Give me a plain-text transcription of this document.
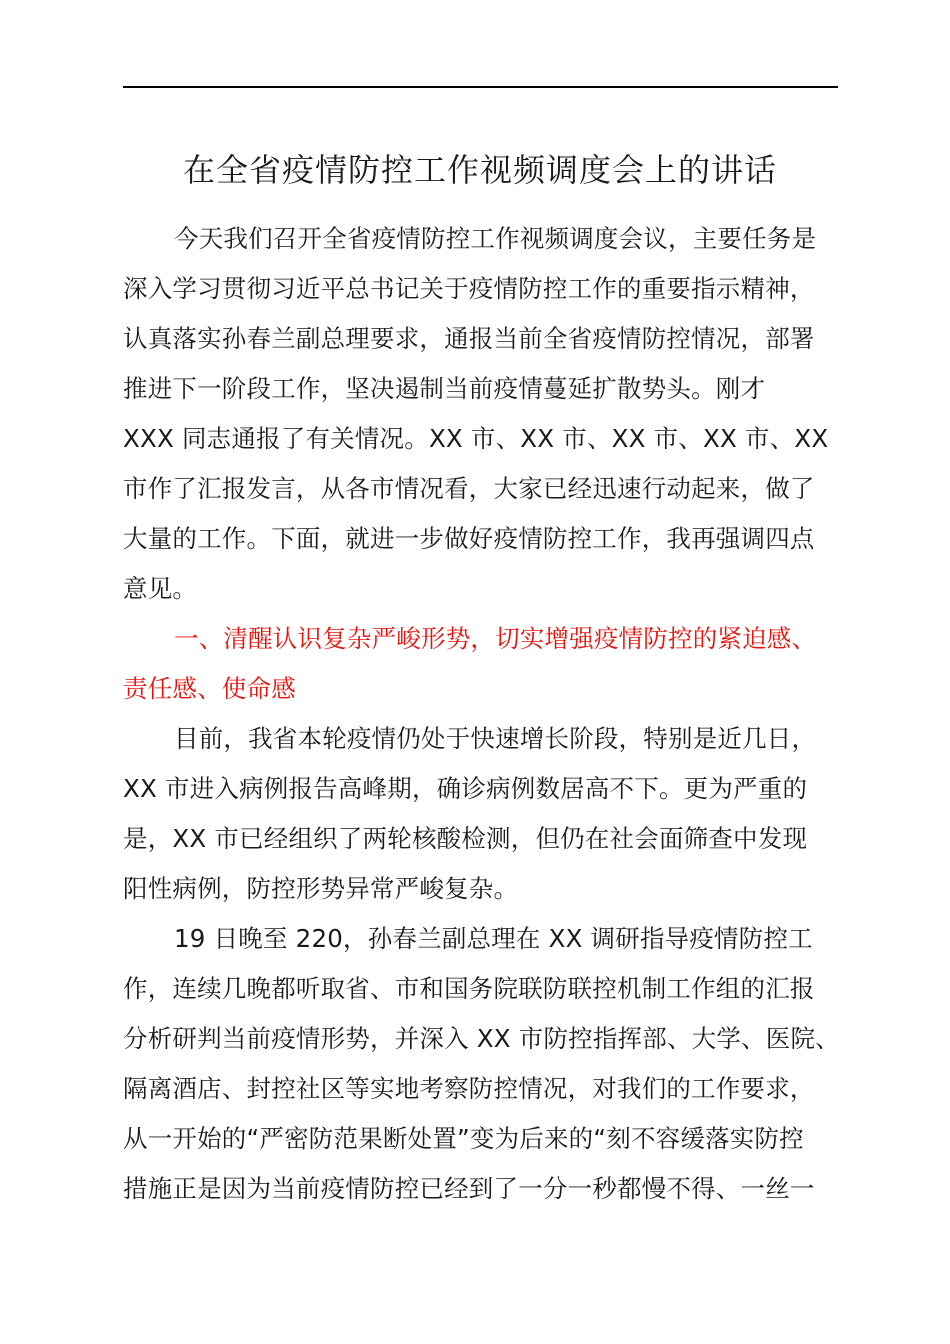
在全省疫情防控工作视频调度会上的讲话
今天我们召开全省疫情防控工作视频调度会议，主要任务是
深入学习贯彻习近平总书记关于疫情防控工作的重要指示精神，
认真落实孙春兰副总理要求，通报当前全省疫情防控情况，部署
推进下一阶段工作，坚决遏制当前疫情蔓延扩散势头。刚才
XXX 同志通报了有关情况。XX 市、XX 市、XX 市、XX 市、XX
市作了汇报发言，从各市情况看，大家已经迅速行动起来，做了
大量的工作。下面，就进一步做好疫情防控工作，我再强调四点
意见。
一、清醒认识复杂严峻形势，切实增强疫情防控的紧迫感、
责任感、使命感
目前，我省本轮疫情仍处于快速增长阶段，特别是近几日，
XX 市进入病例报告高峰期，确诊病例数居高不下。更为严重的
是，XX 市已经组织了两轮核酸检测，但仍在社会面筛查中发现
阳性病例，防控形势异常严峻复杂。
19 日晚至 220，孙春兰副总理在 XX 调研指导疫情防控工
作，连续几晚都听取省、市和国务院联防联控机制工作组的汇报
分析研判当前疫情形势，并深入 XX 市防控指挥部、大学、医院、
隔离酒店、封控社区等实地考察防控情况，对我们的工作要求，
从一开始的“严密防范果断处置”变为后来的“刻不容缓落实防控
措施正是因为当前疫情防控已经到了一分一秒都慢不得、一丝一
